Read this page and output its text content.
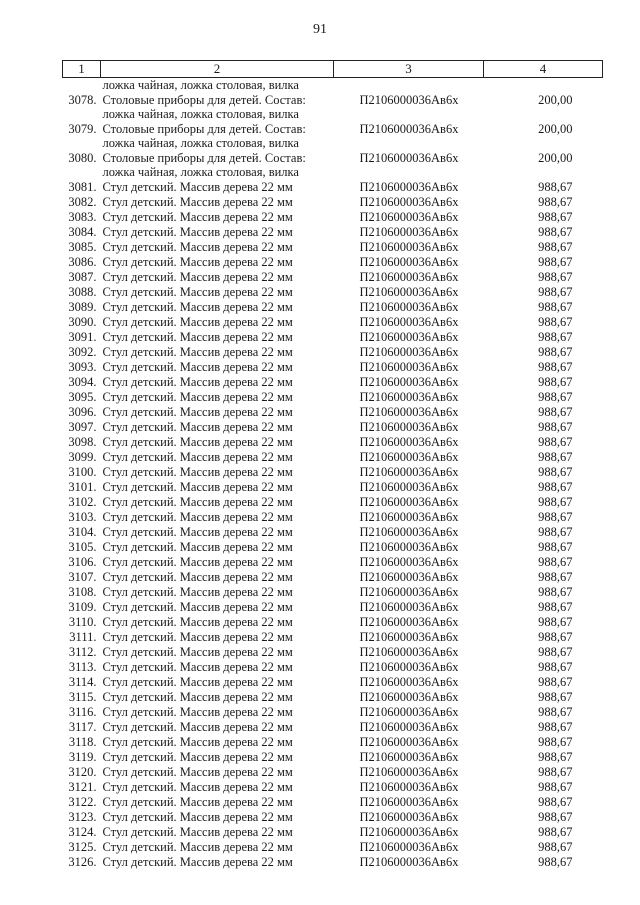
91
1	2	3	4
	ложка чайная, ложка столовая, вилка		
3078.	Столовые приборы для детей. Состав: ложка чайная, ложка столовая, вилка	П2106000036Ав6х	200,00
3079.	Столовые приборы для детей. Состав: ложка чайная, ложка столовая, вилка	П2106000036Ав6х	200,00
3080.	Столовые приборы для детей. Состав: ложка чайная, ложка столовая, вилка	П2106000036Ав6х	200,00
3081.	Стул детский. Массив дерева 22 мм	П2106000036Ав6х	988,67
3082.	Стул детский. Массив дерева 22 мм	П2106000036Ав6х	988,67
3083.	Стул детский. Массив дерева 22 мм	П2106000036Ав6х	988,67
3084.	Стул детский. Массив дерева 22 мм	П2106000036Ав6х	988,67
3085.	Стул детский. Массив дерева 22 мм	П2106000036Ав6х	988,67
3086.	Стул детский. Массив дерева 22 мм	П2106000036Ав6х	988,67
3087.	Стул детский. Массив дерева 22 мм	П2106000036Ав6х	988,67
3088.	Стул детский. Массив дерева 22 мм	П2106000036Ав6х	988,67
3089.	Стул детский. Массив дерева 22 мм	П2106000036Ав6х	988,67
3090.	Стул детский. Массив дерева 22 мм	П2106000036Ав6х	988,67
3091.	Стул детский. Массив дерева 22 мм	П2106000036Ав6х	988,67
3092.	Стул детский. Массив дерева 22 мм	П2106000036Ав6х	988,67
3093.	Стул детский. Массив дерева 22 мм	П2106000036Ав6х	988,67
3094.	Стул детский. Массив дерева 22 мм	П2106000036Ав6х	988,67
3095.	Стул детский. Массив дерева 22 мм	П2106000036Ав6х	988,67
3096.	Стул детский. Массив дерева 22 мм	П2106000036Ав6х	988,67
3097.	Стул детский. Массив дерева 22 мм	П2106000036Ав6х	988,67
3098.	Стул детский. Массив дерева 22 мм	П2106000036Ав6х	988,67
3099.	Стул детский. Массив дерева 22 мм	П2106000036Ав6х	988,67
3100.	Стул детский. Массив дерева 22 мм	П2106000036Ав6х	988,67
3101.	Стул детский. Массив дерева 22 мм	П2106000036Ав6х	988,67
3102.	Стул детский. Массив дерева 22 мм	П2106000036Ав6х	988,67
3103.	Стул детский. Массив дерева 22 мм	П2106000036Ав6х	988,67
3104.	Стул детский. Массив дерева 22 мм	П2106000036Ав6х	988,67
3105.	Стул детский. Массив дерева 22 мм	П2106000036Ав6х	988,67
3106.	Стул детский. Массив дерева 22 мм	П2106000036Ав6х	988,67
3107.	Стул детский. Массив дерева 22 мм	П2106000036Ав6х	988,67
3108.	Стул детский. Массив дерева 22 мм	П2106000036Ав6х	988,67
3109.	Стул детский. Массив дерева 22 мм	П2106000036Ав6х	988,67
3110.	Стул детский. Массив дерева 22 мм	П2106000036Ав6х	988,67
3111.	Стул детский. Массив дерева 22 мм	П2106000036Ав6х	988,67
3112.	Стул детский. Массив дерева 22 мм	П2106000036Ав6х	988,67
3113.	Стул детский. Массив дерева 22 мм	П2106000036Ав6х	988,67
3114.	Стул детский. Массив дерева 22 мм	П2106000036Ав6х	988,67
3115.	Стул детский. Массив дерева 22 мм	П2106000036Ав6х	988,67
3116.	Стул детский. Массив дерева 22 мм	П2106000036Ав6х	988,67
3117.	Стул детский. Массив дерева 22 мм	П2106000036Ав6х	988,67
3118.	Стул детский. Массив дерева 22 мм	П2106000036Ав6х	988,67
3119.	Стул детский. Массив дерева 22 мм	П2106000036Ав6х	988,67
3120.	Стул детский. Массив дерева 22 мм	П2106000036Ав6х	988,67
3121.	Стул детский. Массив дерева 22 мм	П2106000036Ав6х	988,67
3122.	Стул детский. Массив дерева 22 мм	П2106000036Ав6х	988,67
3123.	Стул детский. Массив дерева 22 мм	П2106000036Ав6х	988,67
3124.	Стул детский. Массив дерева 22 мм	П2106000036Ав6х	988,67
3125.	Стул детский. Массив дерева 22 мм	П2106000036Ав6х	988,67
3126.	Стул детский. Массив дерева 22 мм	П2106000036Ав6х	988,67
